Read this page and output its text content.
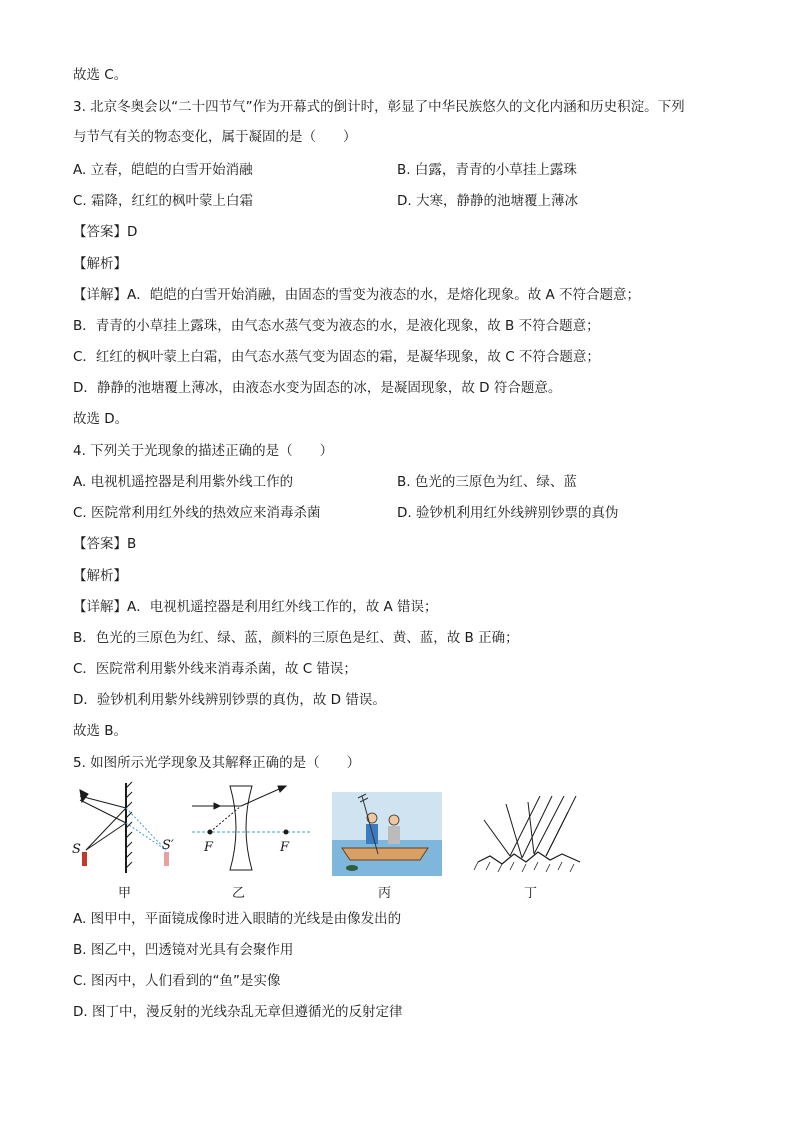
故选 C。
3. 北京冬奥会以“二十四节气”作为开幕式的倒计时，彰显了中华民族悠久的文化内涵和历史积淀。下列
与节气有关的物态变化，属于凝固的是（　　）
A. 立春，皑皑的白雪开始消融	B. 白露，青青的小草挂上露珠
C. 霜降，红红的枫叶蒙上白霜	D. 大寒，静静的池塘覆上薄冰
【答案】D
【解析】
【详解】A．皑皑的白雪开始消融，由固态的雪变为液态的水，是熔化现象。故 A 不符合题意；
B．青青的小草挂上露珠，由气态水蒸气变为液态的水，是液化现象，故 B 不符合题意；
C．红红的枫叶蒙上白霜，由气态水蒸气变为固态的霜，是凝华现象，故 C 不符合题意；
D．静静的池塘覆上薄冰，由液态水变为固态的冰，是凝固现象，故 D 符合题意。
故选 D。
4. 下列关于光现象的描述正确的是（　　）
A. 电视机遥控器是利用紫外线工作的	B. 色光的三原色为红、绿、蓝
C. 医院常利用红外线的热效应来消毒杀菌	D. 验钞机利用红外线辨别钞票的真伪
【答案】B
【解析】
【详解】A．电视机遥控器是利用红外线工作的，故 A 错误；
B．色光的三原色为红、绿、蓝，颜料的三原色是红、黄、蓝，故 B 正确；
C．医院常利用紫外线来消毒杀菌，故 C 错误；
D．验钞机利用紫外线辨别钞票的真伪，故 D 错误。
故选 B。
5. 如图所示光学现象及其解释正确的是（　　）
S	S′
甲
F	F
乙	丙	丁
A. 图甲中，平面镜成像时进入眼睛的光线是由像发出的
B. 图乙中，凹透镜对光具有会聚作用
C. 图丙中，人们看到的“鱼”是实像
D. 图丁中，漫反射的光线杂乱无章但遵循光的反射定律
